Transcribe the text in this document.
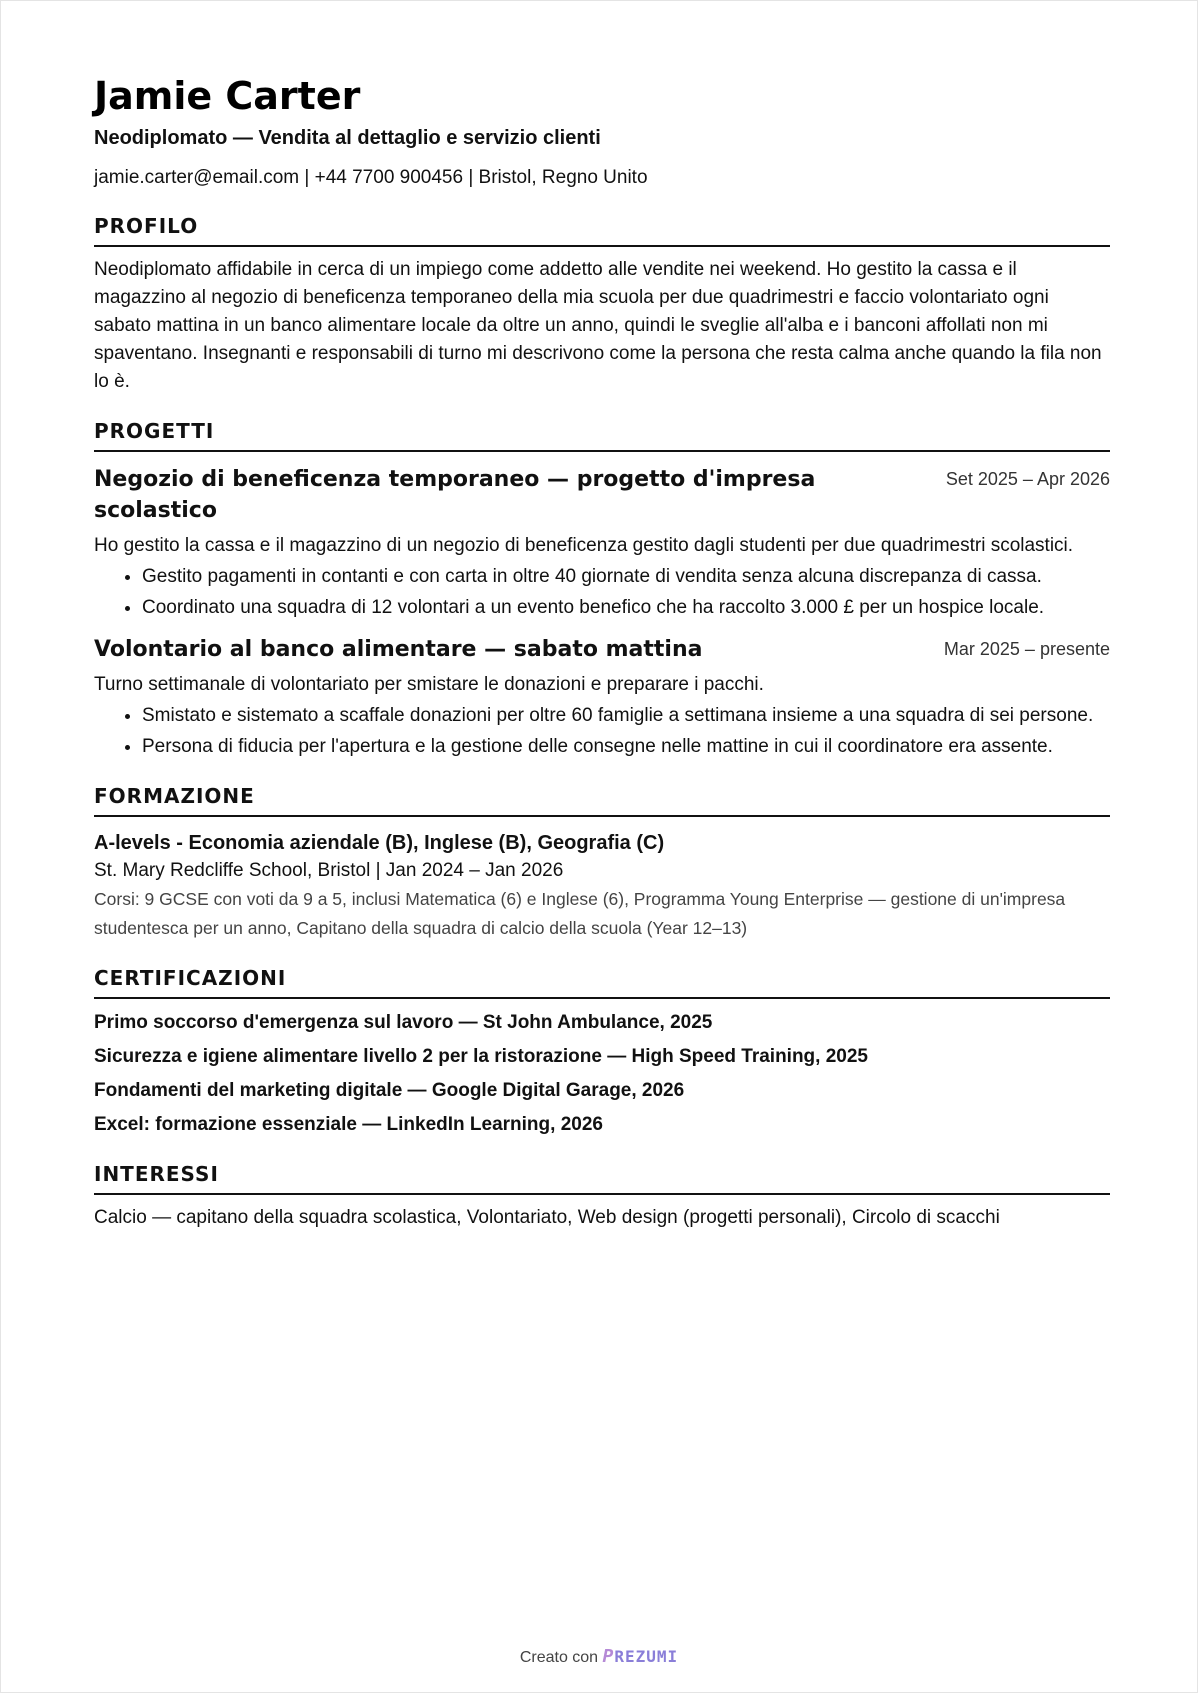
Jamie Carter
Neodiplomato — Vendita al dettaglio e servizio clienti
jamie.carter@email.com | +44 7700 900456 | Bristol, Regno Unito
PROFILO
Neodiplomato affidabile in cerca di un impiego come addetto alle vendite nei weekend. Ho gestito la cassa e il magazzino al negozio di beneficenza temporaneo della mia scuola per due quadrimestri e faccio volontariato ogni sabato mattina in un banco alimentare locale da oltre un anno, quindi le sveglie all'alba e i banconi affollati non mi spaventano. Insegnanti e responsabili di turno mi descrivono come la persona che resta calma anche quando la fila non lo è.
PROGETTI
Negozio di beneficenza temporaneo — progetto d'impresa scolastico
Set 2025 – Apr 2026
Ho gestito la cassa e il magazzino di un negozio di beneficenza gestito dagli studenti per due quadrimestri scolastici.
• Gestito pagamenti in contanti e con carta in oltre 40 giornate di vendita senza alcuna discrepanza di cassa.
• Coordinato una squadra di 12 volontari a un evento benefico che ha raccolto 3.000 £ per un hospice locale.
Volontario al banco alimentare — sabato mattina	Mar 2025 – presente
Turno settimanale di volontariato per smistare le donazioni e preparare i pacchi.
• Smistato e sistemato a scaffale donazioni per oltre 60 famiglie a settimana insieme a una squadra di sei persone.
• Persona di fiducia per l'apertura e la gestione delle consegne nelle mattine in cui il coordinatore era assente.
FORMAZIONE
A-levels - Economia aziendale (B), Inglese (B), Geografia (C)
St. Mary Redcliffe School, Bristol | Jan 2024 – Jan 2026
Corsi: 9 GCSE con voti da 9 a 5, inclusi Matematica (6) e Inglese (6), Programma Young Enterprise — gestione di un'impresa studentesca per un anno, Capitano della squadra di calcio della scuola (Year 12–13)
CERTIFICAZIONI
Primo soccorso d'emergenza sul lavoro — St John Ambulance, 2025
Sicurezza e igiene alimentare livello 2 per la ristorazione — High Speed Training, 2025
Fondamenti del marketing digitale — Google Digital Garage, 2026
Excel: formazione essenziale — LinkedIn Learning, 2026
INTERESSI
Calcio — capitano della squadra scolastica, Volontariato, Web design (progetti personali), Circolo di scacchi
Creato con PREZUMI
